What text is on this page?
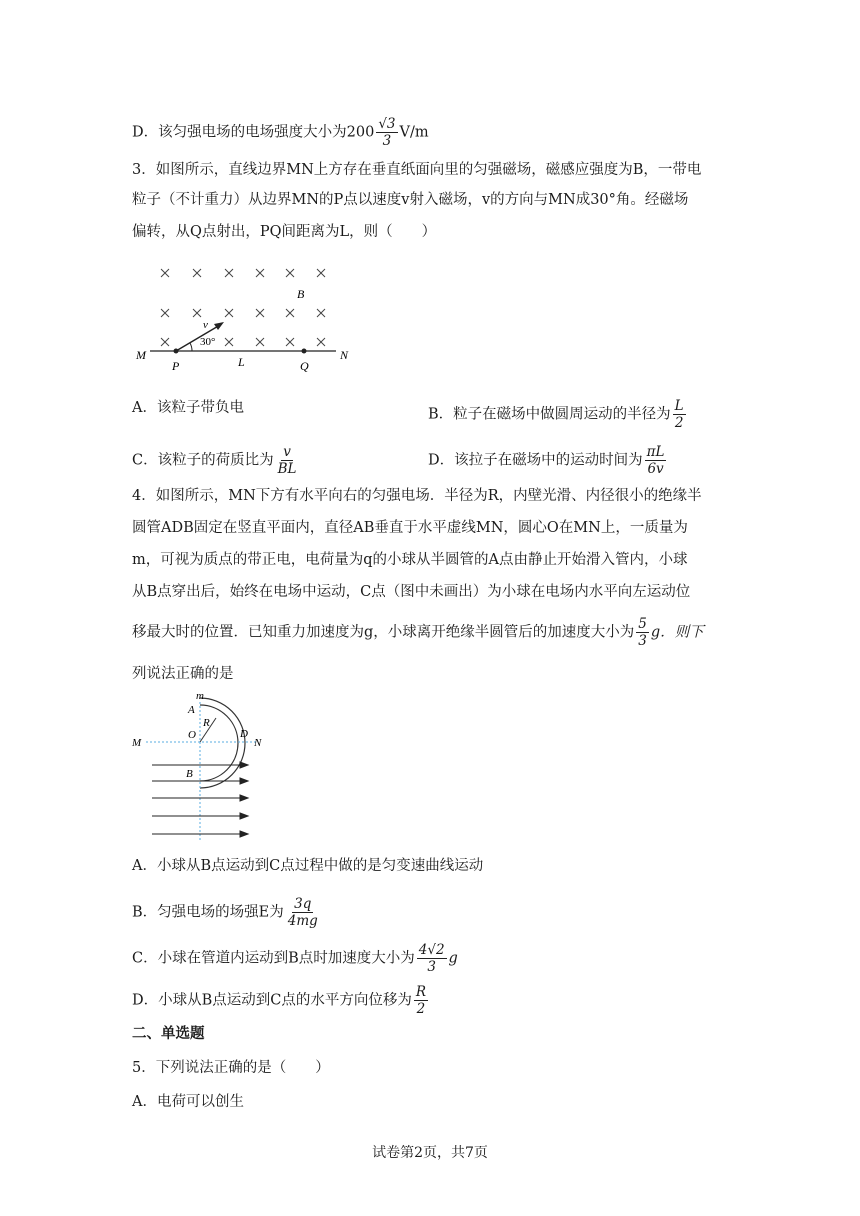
D．该匀强电场的电场强度大小为$200 \frac{√3}{3} V/m$
3．如图所示，直线边界MN上方存在垂直纸面向里的匀强磁场，磁感应强度为B，一带电
粒子（不计重力）从边界MN的P点以速度v射入磁场，v的方向与MN成30°角。经磁场
偏转，从Q点射出，PQ间距离为L，则（　　）
B
v
30°
M	N
P	L	Q
A．该粒子带负电	B．粒子在磁场中做圆周运动的半径为 $\frac{L}{2}$
C．该粒子的荷质比为 $\frac{v}{BL}$	D．该拉子在磁场中的运动时间为 $\frac{\pi L}{6v}$
4．如图所示，MN下方有水平向右的匀强电场．半径为R，内壁光滑、内径很小的绝缘半
圆管ADB固定在竖直平面内，直径AB垂直于水平虚线MN，圆心O在MN上，一质量为
m，可视为质点的带正电，电荷量为q的小球从半圆管的A点由静止开始滑入管内，小球
从B点穿出后，始终在电场中运动，C点（图中未画出）为小球在电场内水平向左运动位
移最大时的位置．已知重力加速度为g，小球离开绝缘半圆管后的加速度大小为 $\frac{5}{3}$ g．则下
列说法正确的是
m
A
R
O	D
M	N
B
A．小球从B点运动到C点过程中做的是匀变速曲线运动
B．匀强电场的场强E为 $\frac{3q}{4mg}$
C．小球在管道内运动到B点时加速度大小为 $\frac{4√2}{3}$ g
D．小球从B点运动到C点的水平方向位移为 $\frac{R}{2}$
二、单选题
5．下列说法正确的是（　　）
A．电荷可以创生
试卷第2页，共7页
